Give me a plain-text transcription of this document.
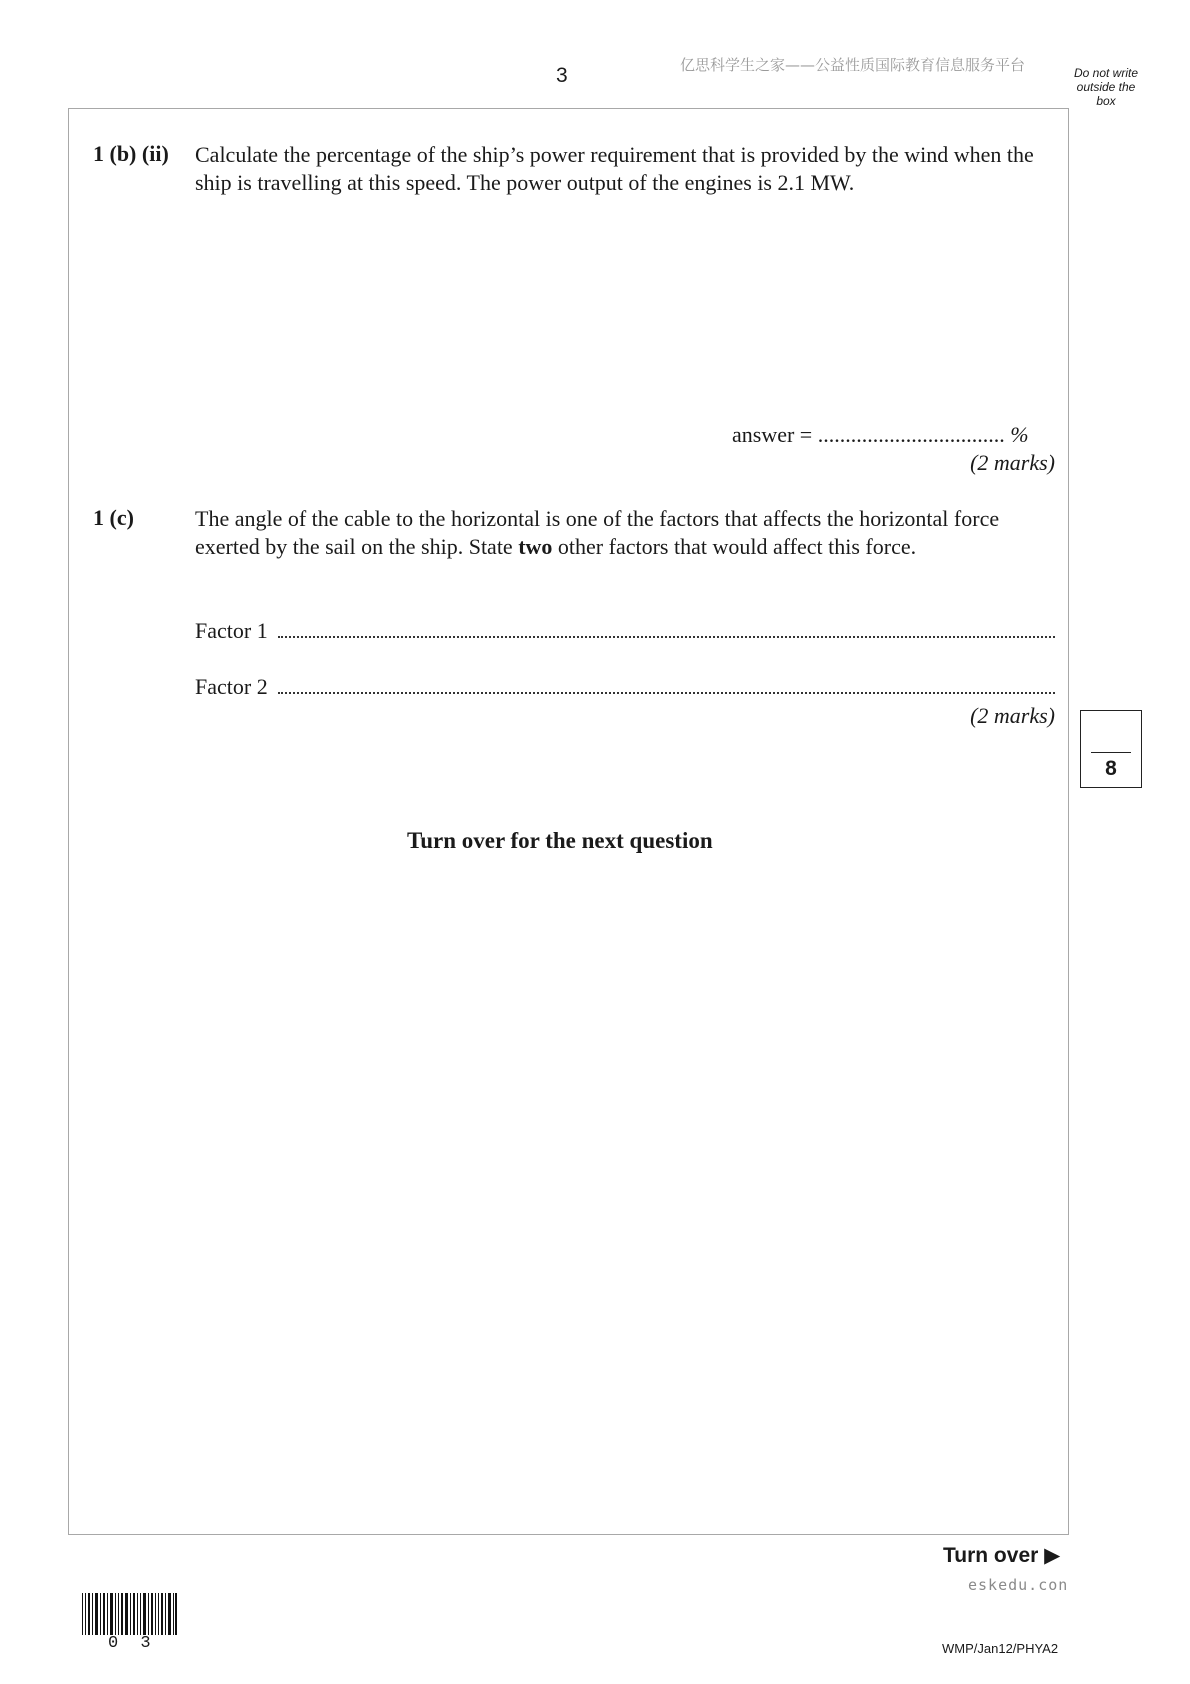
3	亿思科学生之家——公益性质国际教育信息服务平台	Do not write outside the box
1 (b) (ii) Calculate the percentage of the ship’s power requirement that is provided by the wind when the ship is travelling at this speed. The power output of the engines is 2.1 MW.
answer = .................................. %
(2 marks)
1 (c)	The angle of the cable to the horizontal is one of the factors that affects the horizontal force exerted by the sail on the ship. State two other factors that would affect this force.
Factor 1
Factor 2
(2 marks)
8
Turn over for the next question
Turn over ▶
eskedu.con
0 3	WMP/Jan12/PHYA2
